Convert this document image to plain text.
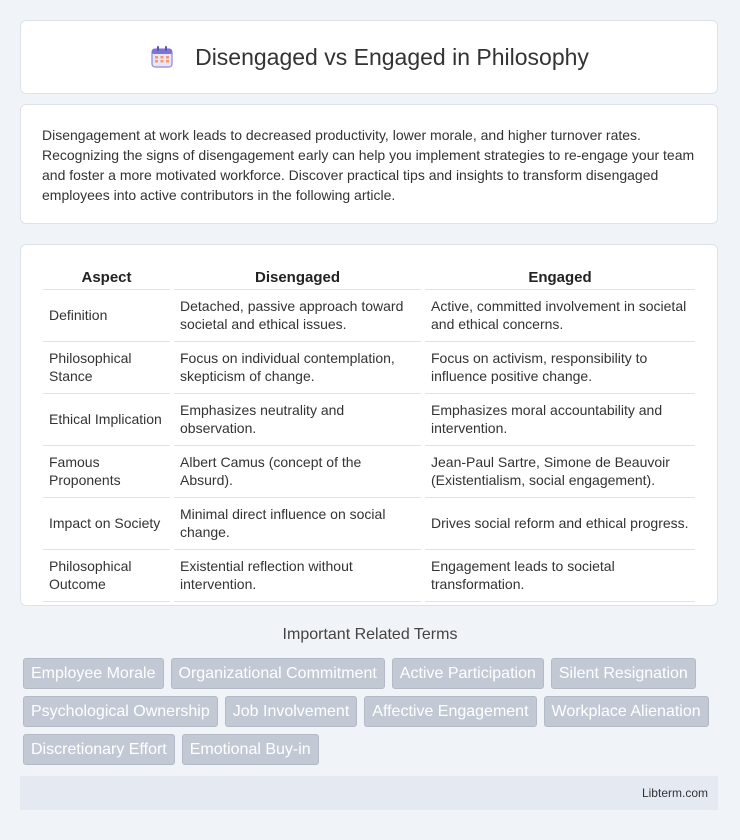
Disengaged vs Engaged in Philosophy

Disengagement at work leads to decreased productivity, lower morale, and higher turnover rates. Recognizing the signs of disengagement early can help you implement strategies to re-engage your team and foster a more motivated workforce. Discover practical tips and insights to transform disengaged employees into active contributors in the following article.

Aspect	Disengaged	Engaged
Definition	Detached, passive approach toward societal and ethical issues.	Active, committed involvement in societal and ethical concerns.
Philosophical Stance	Focus on individual contemplation, skepticism of change.	Focus on activism, responsibility to influence positive change.
Ethical Implication	Emphasizes neutrality and observation.	Emphasizes moral accountability and intervention.
Famous Proponents	Albert Camus (concept of the Absurd).	Jean-Paul Sartre, Simone de Beauvoir (Existentialism, social engagement).
Impact on Society	Minimal direct influence on social change.	Drives social reform and ethical progress.
Philosophical Outcome	Existential reflection without intervention.	Engagement leads to societal transformation.
Important Related Terms
Employee Morale	Organizational Commitment	Active Participation	Silent Resignation
Psychological Ownership	Job Involvement	Affective Engagement	Workplace Alienation
Discretionary Effort	Emotional Buy-in
Libterm.com
